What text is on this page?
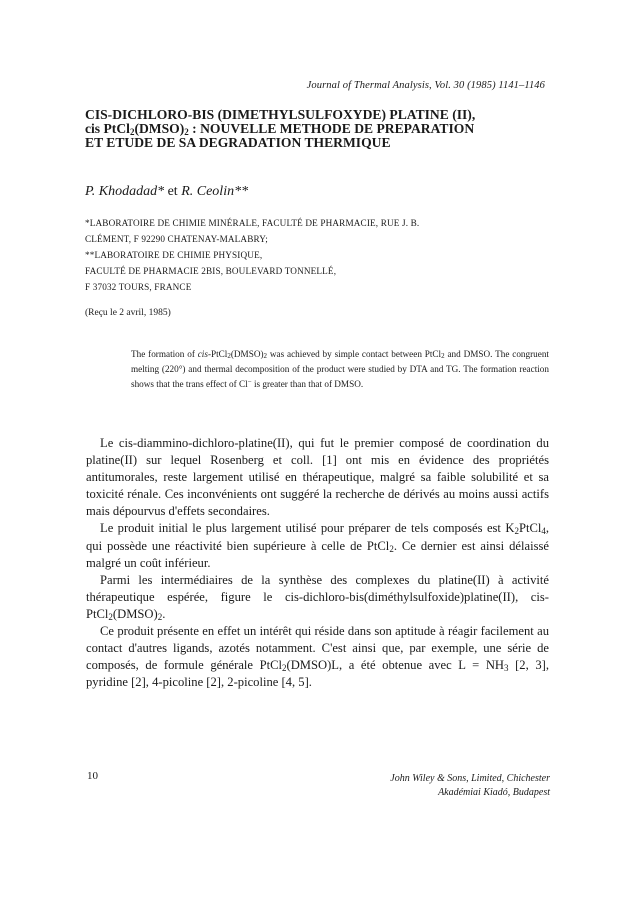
Journal of Thermal Analysis, Vol. 30 (1985) 1141–1146
CIS-DICHLORO-BIS (DIMETHYLSULFOXYDE) PLATINE (II),
cis $PtCl_2(DMSO)_2$ : NOUVELLE METHODE DE PREPARATION
ET ETUDE DE SA DEGRADATION THERMIQUE
P. Khodadad* et R. Ceolin**
*LABORATOIRE DE CHIMIE MINÉRALE, FACULTÉ DE PHARMACIE, RUE J. B.
CLÉMENT, F 92290 CHATENAY-MALABRY;
**LABORATOIRE DE CHIMIE PHYSIQUE,
FACULTÉ DE PHARMACIE 2BIS, BOULEVARD TONNELLÉ,
F 37032 TOURS, FRANCE
(Reçu le 2 avril, 1985)
The formation of cis-$PtCl_2(DMSO)_2$ was achieved by simple contact between PtCl$_2$ and DMSO. The congruent melting (220°) and thermal decomposition of the product were studied by DTA and TG. The formation reaction shows that the trans effect of Cl− is greater than that of DMSO.

Le cis-diammino-dichloro-platine(II), qui fut le premier composé de coordination du platine(II) sur lequel Rosenberg et coll. [1] ont mis en évidence des propriétés antitumorales, reste largement utilisé en thérapeutique, malgré sa faible solubilité et sa toxicité rénale. Ces inconvénients ont suggéré la recherche de dérivés au moins aussi actifs mais dépourvus d'effets secondaires.

Le produit initial le plus largement utilisé pour préparer de tels composés est $K_2PtCl_4$, qui possède une réactivité bien supérieure à celle de PtCl$_2$. Ce dernier est ainsi délaissé malgré un coût inférieur.

Parmi les intermédiaires de la synthèse des complexes du platine(II) à activité thérapeutique espérée, figure le cis-dichloro-bis(diméthylsulfoxide)platine(II), cis-$PtCl_2(DMSO)_2$.

Ce produit présente en effet un intérêt qui réside dans son aptitude à réagir facilement au contact d'autres ligands, azotés notamment. C'est ainsi que, par exemple, une série de composés, de formule générale PtCl$_2$(DMSO)L, a été obtenue avec $L = NH_3$ [2, 3], pyridine [2], 4-picoline [2], 2-picoline [4, 5].

10	John Wiley & Sons, Limited, Chichester
Akadémiai Kiadó, Budapest
